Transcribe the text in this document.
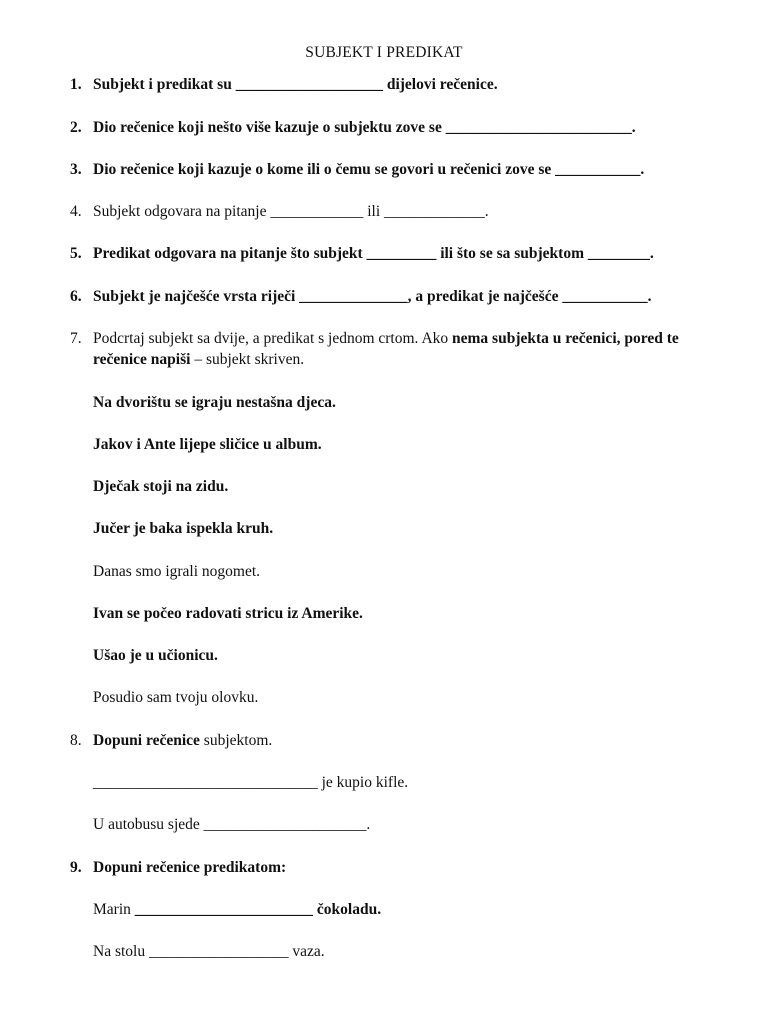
SUBJEKT I PREDIKAT
1. Subjekt i predikat su ___________________ dijelovi rečenice.
2. Dio rečenice koji nešto više kazuje o subjektu zove se ________________________.
3. Dio rečenice koji kazuje o kome ili o čemu se govori u rečenici zove se ___________.
4. Subjekt odgovara na pitanje ____________ ili _____________.
5. Predikat odgovara na pitanje što subjekt _________ ili što se sa subjektom ________.
6. Subjekt je najčešće vrsta riječi ______________, a predikat je najčešće ___________.
7. Podcrtaj subjekt sa dvije, a predikat s jednom crtom. Ako nema subjekta u rečenici, pored te rečenice napiši – subjekt skriven.
Na dvorištu se igraju nestašna djeca.
Jakov i Ante lijepe sličice u album.
Dječak stoji na zidu.
Jučer je baka ispekla kruh.
Danas smo igrali nogomet.
Ivan se počeo radovati stricu iz Amerike.
Ušao je u učionicu.
Posudio sam tvoju olovku.
8. Dopuni rečenice subjektom.
_____________________________ je kupio kifle.
U autobusu sjede _____________________.
9. Dopuni rečenice predikatom:
Marin _______________________ čokoladu.
Na stolu __________________ vaza.
